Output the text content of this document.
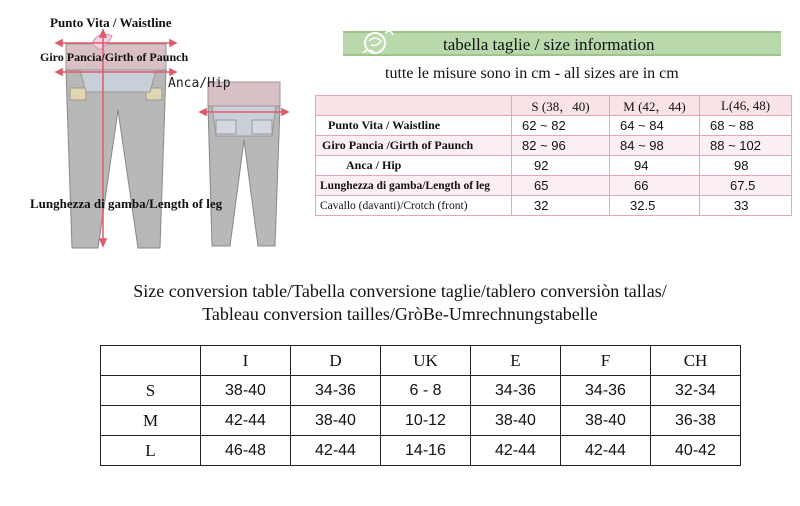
Punto Vita / Waistline
Giro Pancia/Girth of Paunch
Anca/Hip
Lunghezza di gamba/Length of leg
tabella taglie / size information
tutte le misure sono in cm - all sizes are in cm
	S (38，40)	M (42，44)	L(46, 48)
Punto Vita / Waistline	62 ~ 82	64 ~ 84	68 ~ 88
Giro Pancia /Girth of Paunch	82 ~ 96	84 ~ 98	88 ~ 102
Anca / Hip	92	94	98
Lunghezza di gamba/Length of leg	65	66	67.5
Cavallo (davanti)/Crotch (front)	32	32.5	33
Size conversion table/Tabella conversione taglie/tablero conversiòn tallas/
Tableau conversion tailles/GròBe-Umrechnungstabelle
	I	D	UK	E	F	CH
S	38-40	34-36	6 - 8	34-36	34-36	32-34
M	42-44	38-40	10-12	38-40	38-40	36-38
L	46-48	42-44	14-16	42-44	42-44	40-42
